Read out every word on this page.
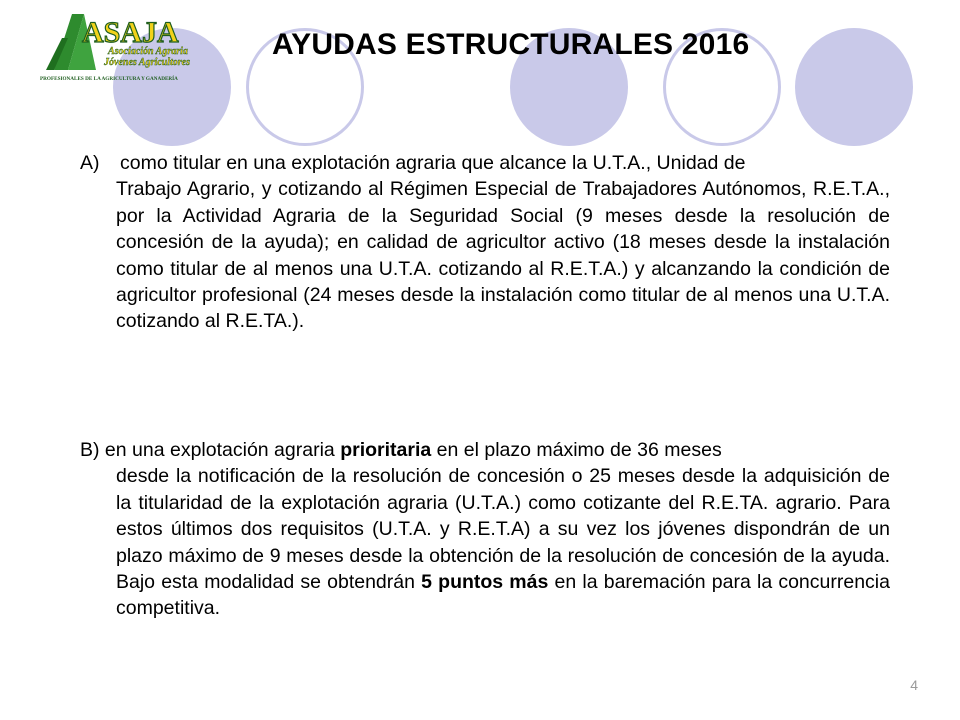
ASAJA
Asociación Agraria
Jóvenes Agricultores
PROFESIONALES DE LA AGRICULTURA Y GANADERÍA
AYUDAS ESTRUCTURALES 2016
A) como titular en una explotación agraria que alcance la U.T.A., Unidad de
Trabajo Agrario, y cotizando al Régimen Especial de Trabajadores Autónomos, R.E.T.A., por la Actividad Agraria de la Seguridad Social (9 meses desde la resolución de concesión de la ayuda); en calidad de agricultor activo (18 meses desde la instalación como titular de al menos una U.T.A. cotizando al R.E.T.A.) y alcanzando la condición de agricultor profesional (24 meses desde la instalación como titular de al menos una U.T.A. cotizando al R.E.TA.).
B) en una explotación agraria prioritaria en el plazo máximo de 36 meses
desde la notificación de la resolución de concesión o 25 meses desde la adquisición de la titularidad de la explotación agraria (U.T.A.) como cotizante del R.E.TA. agrario. Para estos últimos dos requisitos (U.T.A. y R.E.T.A) a su vez los jóvenes dispondrán de un plazo máximo de 9 meses desde la obtención de la resolución de concesión de la ayuda. Bajo esta modalidad se obtendrán 5 puntos más en la baremación para la concurrencia competitiva.
4
